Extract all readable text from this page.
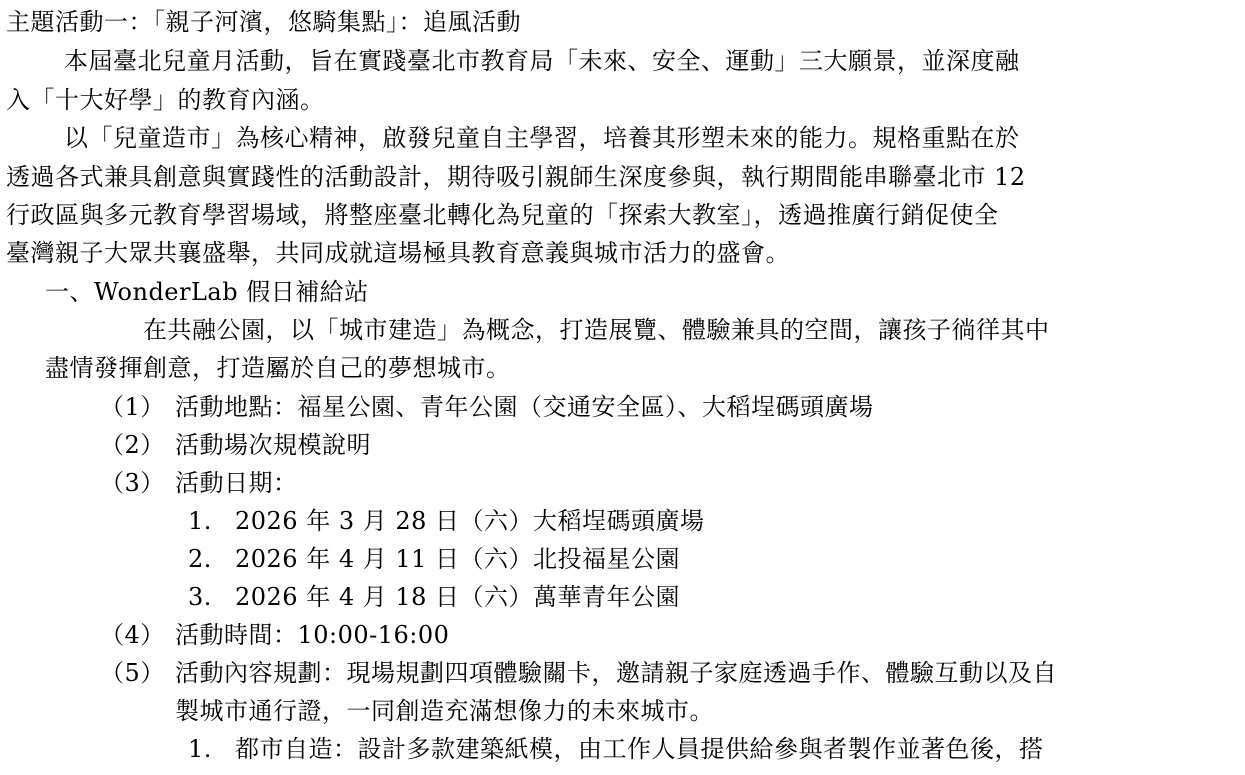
主題活動一：「親子河濱，悠騎集點」：追風活動
本屆臺北兒童月活動，旨在實踐臺北市教育局「未來、安全、運動」三大願景，並深度融
入「十大好學」的教育內涵。
以「兒童造市」為核心精神，啟發兒童自主學習，培養其形塑未來的能力。規格重點在於
透過各式兼具創意與實踐性的活動設計，期待吸引親師生深度參與，執行期間能串聯臺北市 12
行政區與多元教育學習場域，將整座臺北轉化為兒童的「探索大教室」，透過推廣行銷促使全
臺灣親子大眾共襄盛舉，共同成就這場極具教育意義與城市活力的盛會。
一、WonderLab 假日補給站
在共融公園，以「城市建造」為概念，打造展覽、體驗兼具的空間，讓孩子徜徉其中
盡情發揮創意，打造屬於自己的夢想城市。
（1） 活動地點：福星公園、青年公園（交通安全區）、大稻埕碼頭廣場
（2） 活動場次規模說明
（3） 活動日期：
1. 2026 年 3 月 28 日（六）大稻埕碼頭廣場
2. 2026 年 4 月 11 日（六）北投福星公園
3. 2026 年 4 月 18 日（六）萬華青年公園
（4） 活動時間：10:00-16:00
（5） 活動內容規劃：現場規劃四項體驗關卡，邀請親子家庭透過手作、體驗互動以及自
製城市通行證，一同創造充滿想像力的未來城市。
1. 都市自造：設計多款建築紙模，由工作人員提供給參與者製作並著色後，搭
